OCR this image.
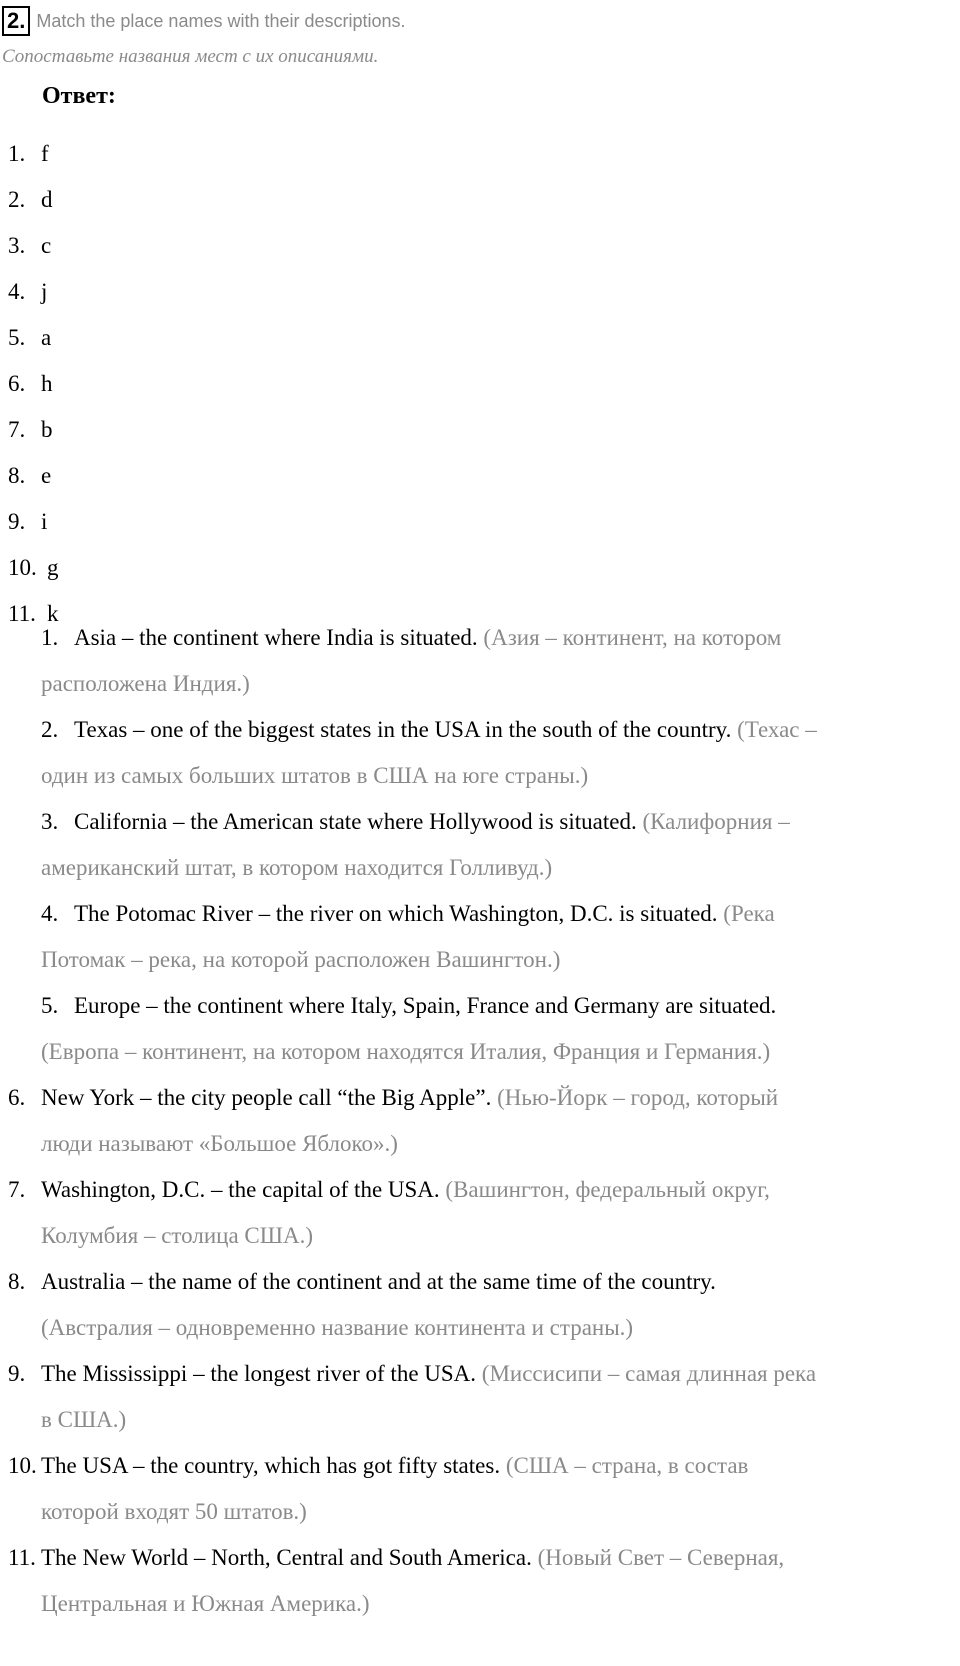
2. Match the place names with their descriptions.
Сопоставьте названия мест с их описаниями.
Ответ:
1. f
2. d
3. c
4. j
5. a
6. h
7. b
8. e
9. i
10. g
11. k
1. Asia – the continent where India is situated. (Азия – континент, на котором
расположена Индия.)
2. Texas – one of the biggest states in the USA in the south of the country. (Техас –
один из самых больших штатов в США на юге страны.)
3. California – the American state where Hollywood is situated. (Калифорния –
американский штат, в котором находится Голливуд.)
4. The Potomac River – the river on which Washington, D.C. is situated. (Река
Потомак – река, на которой расположен Вашингтон.)
5. Europe – the continent where Italy, Spain, France and Germany are situated.
(Европа – континент, на котором находятся Италия, Франция и Германия.)
6. New York – the city people call “the Big Apple”. (Нью-Йорк – город, который
люди называют «Большое Яблоко».)
7. Washington, D.C. – the capital of the USA. (Вашингтон, федеральный округ,
Колумбия – столица США.)
8. Australia – the name of the continent and at the same time of the country.
(Австралия – одновременно название континента и страны.)
9. The Mississippi – the longest river of the USA. (Миссисипи – самая длинная река
в США.)
10. The USA – the country, which has got fifty states. (США – страна, в состав
которой входят 50 штатов.)
11. The New World – North, Central and South America. (Новый Свет – Северная,
Центральная и Южная Америка.)
